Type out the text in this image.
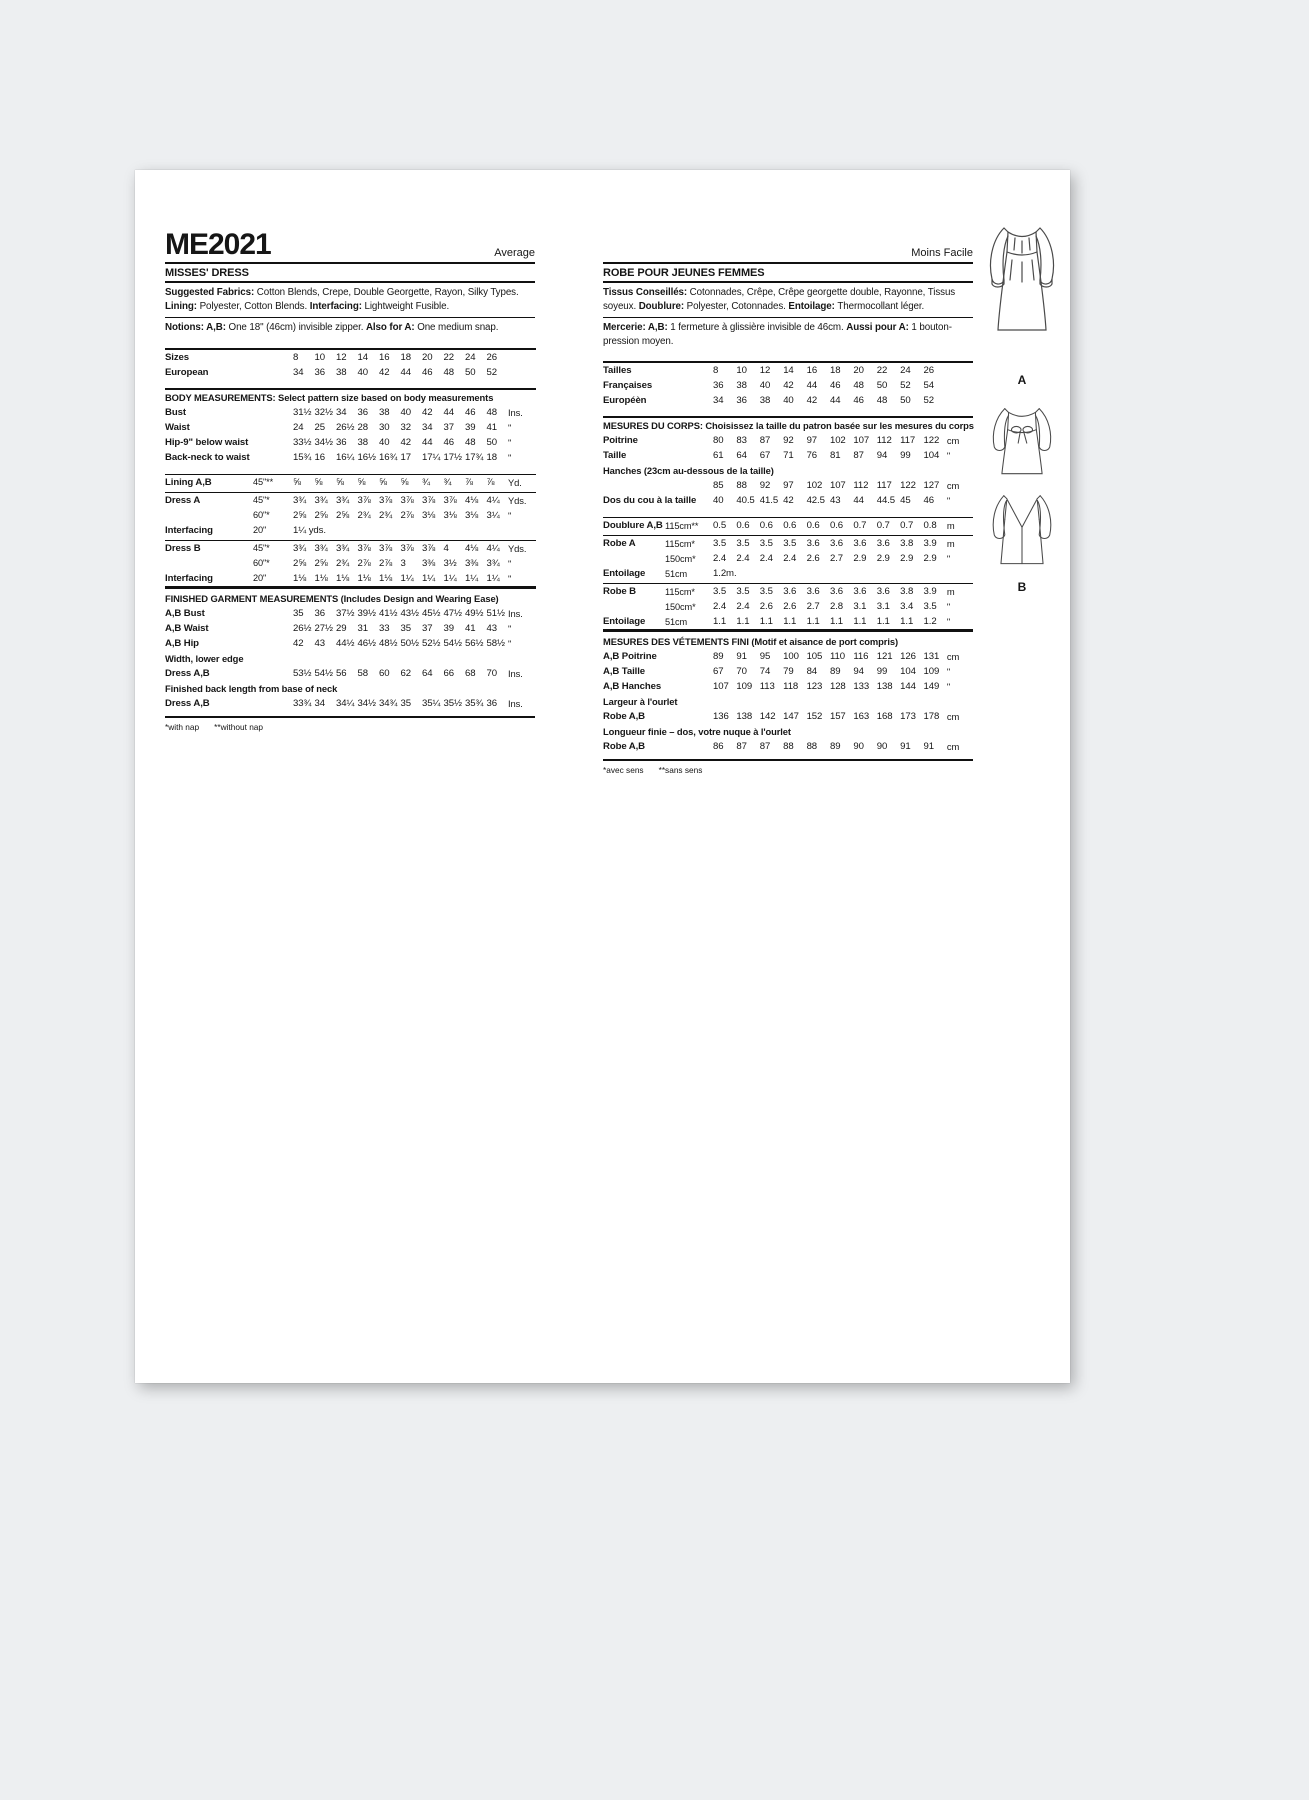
ME2021	Average
MISSES' DRESS

Suggested Fabrics: Cotton Blends, Crepe, Double Georgette, Rayon, Silky Types. Lining: Polyester, Cotton Blends. Interfacing: Lightweight Fusible.

Notions: A,B: One 18" (46cm) invisible zipper. Also for A: One medium snap.

Sizes	8	10	12	14	16	18	20	22	24	26	
European	34	36	38	40	42	44	46	48	50	52	
BODY MEASUREMENTS: Select pattern size based on body measurements											
Bust	31½	32½	34	36	38	40	42	44	46	48	Ins.
Waist	24	25	26½	28	30	32	34	37	39	41	"
Hip-9" below waist	33½	34½	36	38	40	42	44	46	48	50	"
Back-neck to waist	15¾	16	16¼	16½	16¾	17	17¼	17½	17¾	18	"
Lining A,B	45"**	⅝	⅝	⅝	⅝	⅝	⅝	¾	¾	⅞	⅞	Yd.
Dress A	45"*	3¾	3¾	3¾	3⅞	3⅞	3⅞	3⅞	3⅞	4⅛	4¼	Yds.
	60"*	2⅝	2⅝	2⅝	2¾	2¾	2⅞	3⅛	3⅛	3⅛	3¼	"
Interfacing	20"	1¼ yds.										
Dress B	45"*	3¾	3¾	3¾	3⅞	3⅞	3⅞	3⅞	4	4⅛	4¼	Yds.
	60"*	2⅝	2⅝	2¾	2⅞	2⅞	3	3⅜	3½	3⅜	3¾	"
Interfacing	20"	1⅛	1⅛	1⅛	1⅛	1⅛	1¼	1¼	1¼	1¼	1¼	"
FINISHED GARMENT MEASUREMENTS (Includes Design and Wearing Ease)											
A,B Bust	35	36	37½	39½	41½	43½	45½	47½	49½	51½	Ins.
A,B Waist	26½	27½	29	31	33	35	37	39	41	43	"
A,B Hip	42	43	44½	46½	48½	50½	52½	54½	56½	58½	"
Width, lower edge											
Dress A,B	53½	54½	56	58	60	62	64	66	68	70	Ins.
Finished back length from base of neck											
Dress A,B	33¾	34	34¼	34½	34¾	35	35¼	35½	35¾	36	Ins.
*with nap **without nap
Moins Facile
ROBE POUR JEUNES FEMMES

Tissus Conseillés: Cotonnades, Crêpe, Crêpe georgette double, Rayonne, Tissus soyeux. Doublure: Polyester, Cotonnades. Entoilage: Thermocollant léger.

Mercerie: A,B: 1 fermeture à glissière invisible de 46cm. Aussi pour A: 1 bouton-pression moyen.

Tailles	8	10	12	14	16	18	20	22	24	26	
Françaises	36	38	40	42	44	46	48	50	52	54	
Européèn	34	36	38	40	42	44	46	48	50	52	
MESURES DU CORPS: Choisissez la taille du patron basée sur les mesures du corps											
Poitrine	80	83	87	92	97	102	107	112	117	122	cm
Taille	61	64	67	71	76	81	87	94	99	104	"
Hanches (23cm au-dessous de la taille)											
	85	88	92	97	102	107	112	117	122	127	cm
Dos du cou à la taille	40	40.5	41.5	42	42.5	43	44	44.5	45	46	"
Doublure A,B	115cm**	0.5	0.6	0.6	0.6	0.6	0.6	0.7	0.7	0.7	0.8	m
Robe A	115cm*	3.5	3.5	3.5	3.5	3.6	3.6	3.6	3.6	3.8	3.9	m
	150cm*	2.4	2.4	2.4	2.4	2.6	2.7	2.9	2.9	2.9	2.9	"
Entoilage	51cm	1.2m.										
Robe B	115cm*	3.5	3.5	3.5	3.6	3.6	3.6	3.6	3.6	3.8	3.9	m
	150cm*	2.4	2.4	2.6	2.6	2.7	2.8	3.1	3.1	3.4	3.5	"
Entoilage	51cm	1.1	1.1	1.1	1.1	1.1	1.1	1.1	1.1	1.1	1.2	"
MESURES DES VÉTEMENTS FINI (Motif et aisance de port compris)											
A,B Poitrine	89	91	95	100	105	110	116	121	126	131	cm
A,B Taille	67	70	74	79	84	89	94	99	104	109	"
A,B Hanches	107	109	113	118	123	128	133	138	144	149	"
Largeur à l'ourlet											
Robe A,B	136	138	142	147	152	157	163	168	173	178	cm
Longueur finie – dos, votre nuque à l'ourlet											
Robe A,B	86	87	87	88	88	89	90	90	91	91	cm
*avec sens **sans sens
A
B
